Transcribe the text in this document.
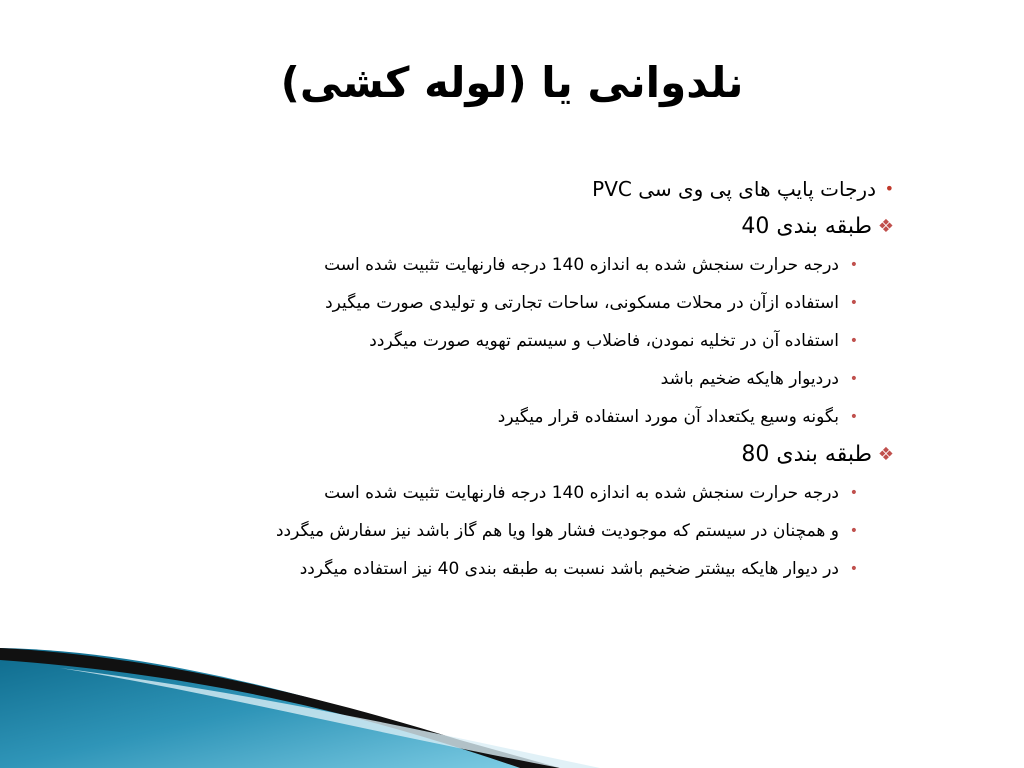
نلدوانی یا (لوله کشی)
•
درجات پایپ های پی وی سی PVC
❖
طبقه بندی 40
•
درجه حرارت سنجش شده به اندازه 140 درجه فارنهایت تثبیت شده است
•
استفاده ازآن در محلات مسکونی، ساحات تجارتی و تولیدی صورت میگیرد
•
استفاده آن در تخلیه نمودن، فاضلاب و سیستم تهویه صورت میگردد
•
دردیوار هایکه ضخیم باشد
•
بگونه وسیع یکتعداد آن مورد استفاده قرار میگیرد
❖
طبقه بندی 80
•
درجه حرارت سنجش شده به اندازه 140 درجه فارنهایت تثبیت شده است
•
و همچنان در سیستم که موجودیت فشار هوا ویا هم گاز باشد نیز سفارش میگردد
•
در دیوار هایکه بیشتر ضخیم باشد نسبت به طبقه بندی 40 نیز استفاده میگردد
